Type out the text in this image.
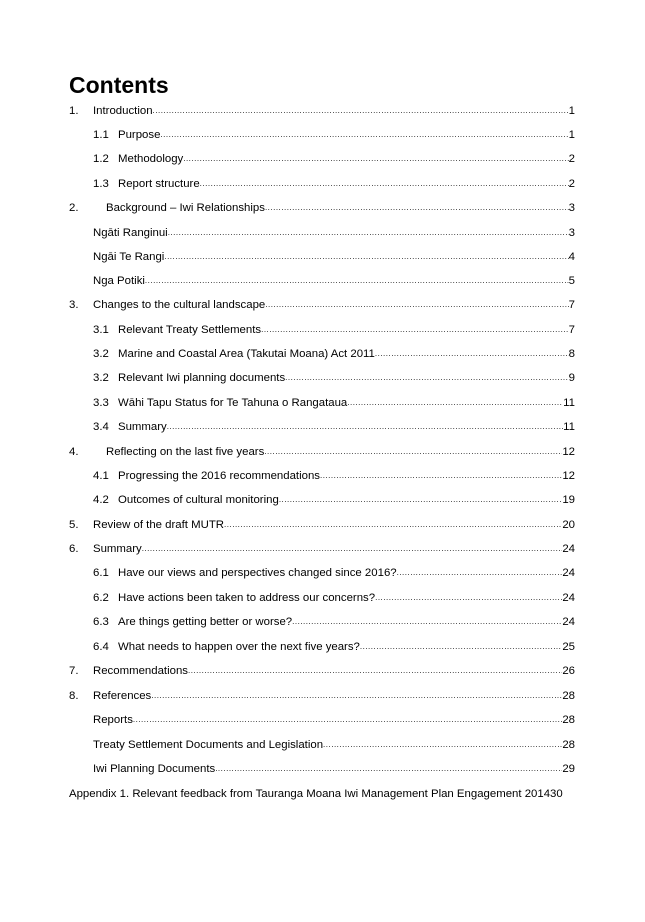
Contents
1. Introduction .....	1
1.1 Purpose .....	1
1.2 Methodology .....	2
1.3 Report structure .....	2
2. Background – Iwi Relationships .....	3
Ngāti Ranginui .....	3
Ngāi Te Rangi .....	4
Nga Potiki .....	5
3. Changes to the cultural landscape .....	7
3.1 Relevant Treaty Settlements .....	7
3.2 Marine and Coastal Area (Takutai Moana) Act 2011 .....	8
3.2 Relevant Iwi planning documents .....	9
3.3 Wāhi Tapu Status for Te Tahuna o Rangataua .....	11
3.4 Summary .....	11
4. Reflecting on the last five years .....	12
4.1 Progressing the 2016 recommendations .....	12
4.2 Outcomes of cultural monitoring .....	19
5. Review of the draft MUTR .....	20
6. Summary .....	24
6.1 Have our views and perspectives changed since 2016? .....	24
6.2 Have actions been taken to address our concerns? .....	24
6.3 Are things getting better or worse? .....	24
6.4 What needs to happen over the next five years? .....	25
7. Recommendations .....	26
8. References .....	28
Reports .....	28
Treaty Settlement Documents and Legislation .....	28
Iwi Planning Documents .....	29
Appendix 1. Relevant feedback from Tauranga Moana Iwi Management Plan Engagement 2014 30
